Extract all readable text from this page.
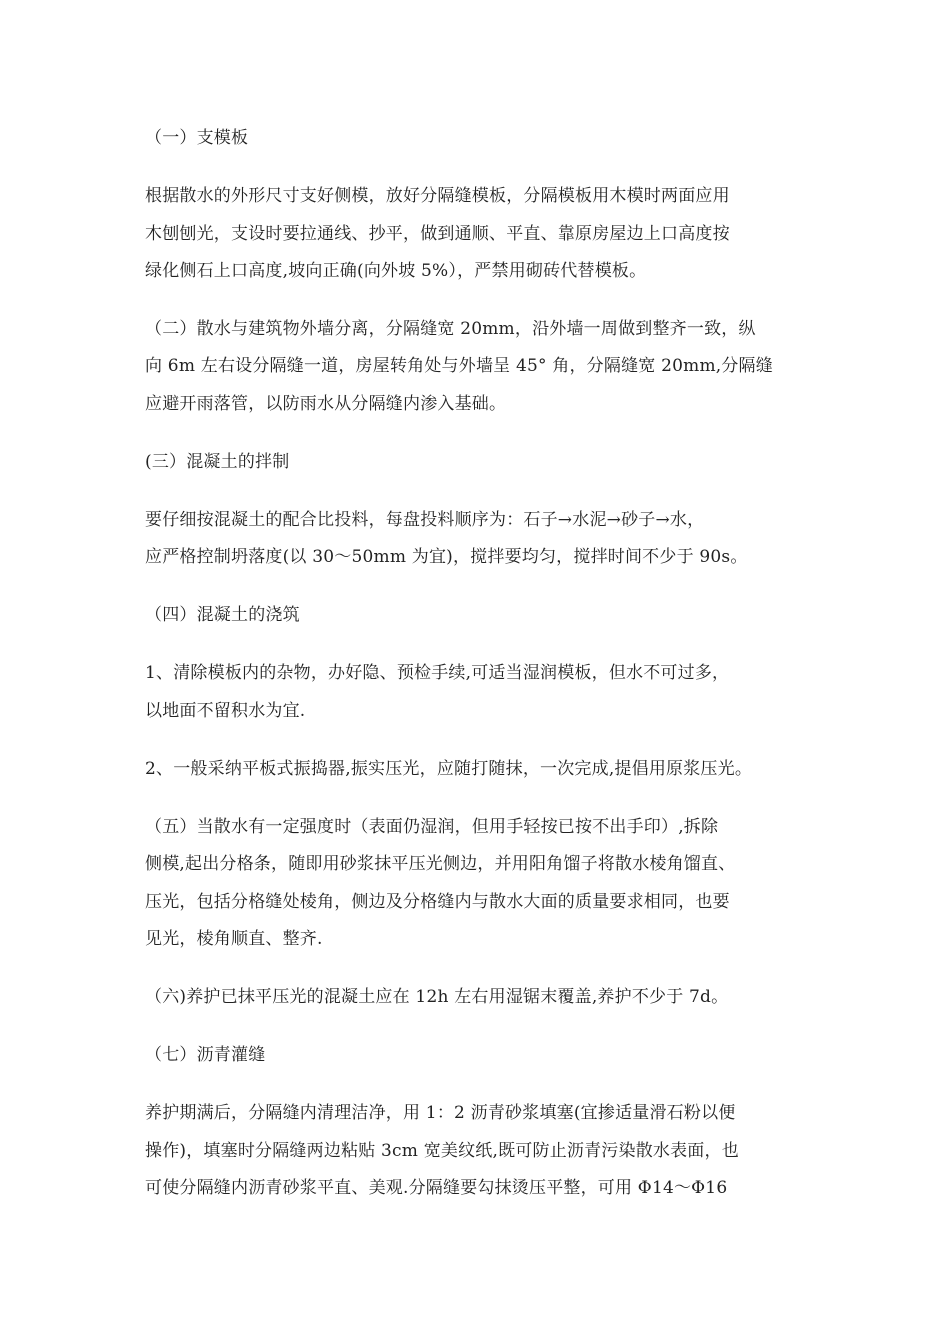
（一）支模板
根据散水的外形尺寸支好侧模，放好分隔缝模板，分隔模板用木模时两面应用
木刨刨光，支设时要拉通线、抄平，做到通顺、平直、靠原房屋边上口高度按
绿化侧石上口高度,坡向正确(向外坡 5%），严禁用砌砖代替模板。
（二）散水与建筑物外墙分离，分隔缝宽 20mm，沿外墙一周做到整齐一致，纵
向 6m 左右设分隔缝一道，房屋转角处与外墙呈 45° 角，分隔缝宽 20mm,分隔缝
应避开雨落管，以防雨水从分隔缝内渗入基础。
(三）混凝土的拌制
要仔细按混凝土的配合比投料，每盘投料顺序为：石子→水泥→砂子→水，
应严格控制坍落度(以 30～50mm 为宜)，搅拌要均匀，搅拌时间不少于 90s。
（四）混凝土的浇筑
1、清除模板内的杂物，办好隐、预检手续,可适当湿润模板，但水不可过多，
以地面不留积水为宜.
2、一般采纳平板式振捣器,振实压光，应随打随抹，一次完成,提倡用原浆压光。
（五）当散水有一定强度时（表面仍湿润，但用手轻按已按不出手印）,拆除
侧模,起出分格条，随即用砂浆抹平压光侧边，并用阳角馏子将散水棱角馏直、
压光，包括分格缝处棱角，侧边及分格缝内与散水大面的质量要求相同，也要
见光，棱角顺直、整齐.
（六)养护已抹平压光的混凝土应在 12h 左右用湿锯末覆盖,养护不少于 7d。
（七）沥青灌缝
养护期满后，分隔缝内清理洁净，用 1：2 沥青砂浆填塞(宜掺适量滑石粉以便
操作)，填塞时分隔缝两边粘贴 3cm 宽美纹纸,既可防止沥青污染散水表面，也
可使分隔缝内沥青砂浆平直、美观.分隔缝要勾抹烫压平整，可用 Φ14～Φ16
